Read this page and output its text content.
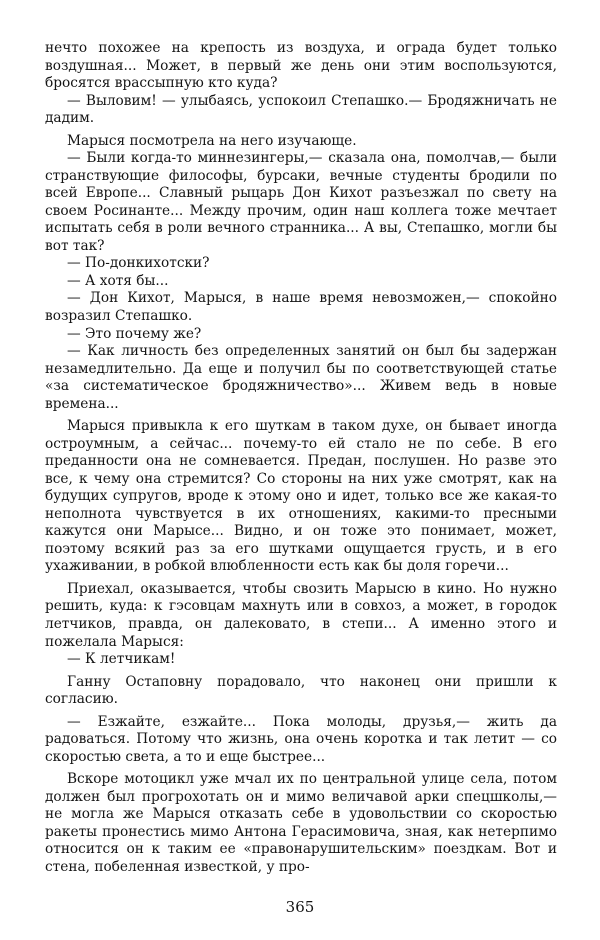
нечто похожее на крепость из воздуха, и ограда будет только воздушная... Может, в первый же день они этим воспользуются, бросятся врассыпную кто куда?

— Выловим! — улыбаясь, успокоил Степашко.— Бродяжничать не дадим.

Марыся посмотрела на него изучающе.

— Были когда-то миннезингеры,— сказала она, помолчав,— были странствующие философы, бурсаки, вечные студенты бродили по всей Европе... Славный рыцарь Дон Кихот разъезжал по свету на своем Росинанте... Между прочим, один наш коллега тоже мечтает испытать себя в роли вечного странника... А вы, Степашко, могли бы вот так?

— По-донкихотски?

— А хотя бы...

— Дон Кихот, Марыся, в наше время невозможен,— спокойно возразил Степашко.

— Это почему же?

— Как личность без определенных занятий он был бы задержан незамедлительно. Да еще и получил бы по соответствующей статье «за систематическое бродяжничество»... Живем ведь в новые времена...

Марыся привыкла к его шуткам в таком духе, он бывает иногда остроумным, а сейчас... почему-то ей стало не по себе. В его преданности она не сомневается. Предан, послушен. Но разве это все, к чему она стремится? Со стороны на них уже смотрят, как на будущих супругов, вроде к этому оно и идет, только все же какая-то неполнота чувствуется в их отношениях, какими-то пресными кажутся они Марысе... Видно, и он тоже это понимает, может, поэтому всякий раз за его шутками ощущается грусть, и в его ухаживании, в робкой влюбленности есть как бы доля горечи...

Приехал, оказывается, чтобы свозить Марысю в кино. Но нужно решить, куда: к гэсовцам махнуть или в совхоз, а может, в городок летчиков, правда, он далековато, в степи... А именно этого и пожелала Марыся:

— К летчикам!

Ганну Остаповну порадовало, что наконец они пришли к согласию.

— Езжайте, езжайте... Пока молоды, друзья,— жить да радоваться. Потому что жизнь, она очень коротка и так летит — со скоростью света, а то и еще быстрее...

Вскоре мотоцикл уже мчал их по центральной улице села, потом должен был прогрохотать он и мимо величавой арки спецшколы,— не могла же Марыся отказать себе в удовольствии со скоростью ракеты пронестись мимо Антона Герасимовича, зная, как нетерпимо относится он к таким ее «правонарушительским» поездкам. Вот и стена, побеленная известкой, у про-

365
